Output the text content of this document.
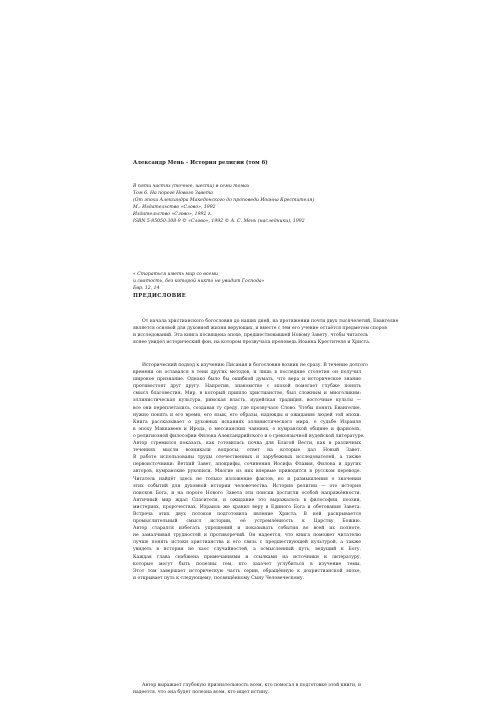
Александр Мень - История религии (том 6)
В пяти частях (точнее, шести) в семи томах
Том 6. На пороге Нового Завета
(От эпохи Александра Македонского до проповеди Иоанна Крестителя)
М.: Издательство «Слово», 1992
Издательство «Слово», 1992 г.
ISBN 5-85050-308-9 © «Слово», 1992 © А. С. Мень (наследники), 1992
« Стараться иметь мир со всеми
и святость, без которой никто не увидит Господа»
Евр. 12, 14
ПРЕДИСЛОВИЕ
От начала христианского богословия до наших дней, на протяжении почти двух тысячелетий, Евангелие
является основой для духовной жизни верующих, и вместе с тем его учение остаётся предметом споров
и исследований. Эта книга посвящена эпохе, предшествовавшей Новому Завету, чтобы читатель
яснее увидел исторический фон, на котором прозвучала проповедь Иоанна Крестителя и Христа.
Исторический подход к изучению Писания и богословия возник не сразу. В течение долгого
времени он оставался в тени других методов, и лишь в последние столетия он получил
широкое признание. Однако было бы ошибкой думать, что вера и историческое знание
противостоят друг другу. Напротив, знакомство с эпохой помогает глубже понять
смысл благовестия. Мир, в который пришло христианство, был сложным и многоликим:
эллинистическая культура, римская власть, иудейская традиция, восточные культы —
все они переплетались, создавая ту среду, где прозвучало Слово. Чтобы понять Евангелие,
нужно понять и его время, его язык, его образы, надежды и ожидания людей той эпохи.
Книга рассказывает о духовных исканиях эллинистического мира, о судьбе Израиля
в эпоху Маккавеев и Ирода, о мессианских чаяниях, о кумранской общине и фарисеях,
о религиозной философии Филона Александрийского и о грекоязычной иудейской литературе.
Автор стремился показать, как готовилась почва для Благой Вести, как в различных
течениях мысли возникали вопросы, ответ на которые дал Новый Завет.
В работе использованы труды отечественных и зарубежных исследователей, а также
первоисточники: Ветхий Завет, апокрифы, сочинения Иосифа Флавия, Филона и других
авторов, кумранские рукописи. Многие из них впервые приводятся в русском переводе.
Читатель найдёт здесь не только изложение фактов, но и размышления о значении
этих событий для духовной истории человечества. История религии — это история
поисков Бога, и на пороге Нового Завета эти поиски достигли особой напряжённости.
Античный мир ждал Спасителя, и ожидание это выражалось в философии, поэзии,
мистериях, пророчествах. Израиль же хранил веру в Единого Бога и обетования Завета.
Встреча этих двух потоков подготовила явление Христа. В ней раскрывается
промыслительный смысл истории, её устремлённость к Царству Божию.
Автор старался избегать упрощений и показывать события во всей их полноте,
не замалчивая трудностей и противоречий. Он надеется, что книга поможет читателю
лучше понять истоки христианства и его связь с предшествующей культурой, а также
увидеть в истории не хаос случайностей, а осмысленный путь, ведущий к Богу.
Каждая глава снабжена примечаниями и ссылками на источники и литературу,
которые могут быть полезны тем, кто захочет углубиться в изучение темы.
Этот том завершает историческую часть серии, обращённую к дохристианской эпохе,
и открывает путь к следующему, посвящённому Сыну Человеческому.
Автор выражает глубокую признательность всем, кто помогал в подготовке этой книги, и
надеется, что она будет полезна всем, кто ищет истину.
